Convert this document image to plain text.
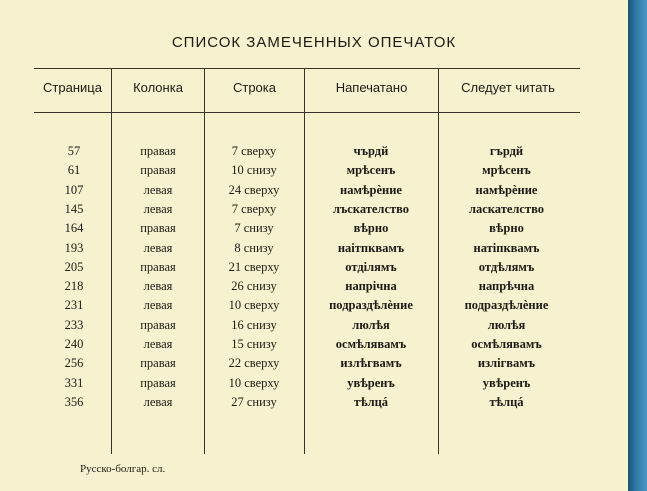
СПИСОК ЗАМЕЧЕННЫХ ОПЕЧАТОК
Страница	Колонка	Строка	Напечатано	Следует читать
57	правая	7 сверху	чърдй	гърдй
61	правая	10 снизу	мрѣсенъ	мрѣсенъ
107	левая	24 сверху	намѣрѐние	намѣрѐние
145	левая	7 сверху	лъскателство	ласкателство
164	правая	7 снизу	вѣрно	вѣрно
193	левая	8 снизу	наiтпквамъ	натiпквамъ
205	правая	21 сверху	отдiлямъ	отдѣлямъ
218	левая	26 снизу	напрiчна	напрѣчна
231	левая	10 сверху	подраздѣлѐние	подраздѣлѐние
233	правая	16 снизу	люлѣя	люлѣя
240	левая	15 снизу	осмѣлявамъ	осмѣлявамъ
256	правая	22 сверху	излѣгвамъ	излiгвамъ
331	правая	10 сверху	увѣренъ	увѣренъ
356	левая	27 снизу	тѣлцá	тѣлцá
Русско-болгар. сл.
